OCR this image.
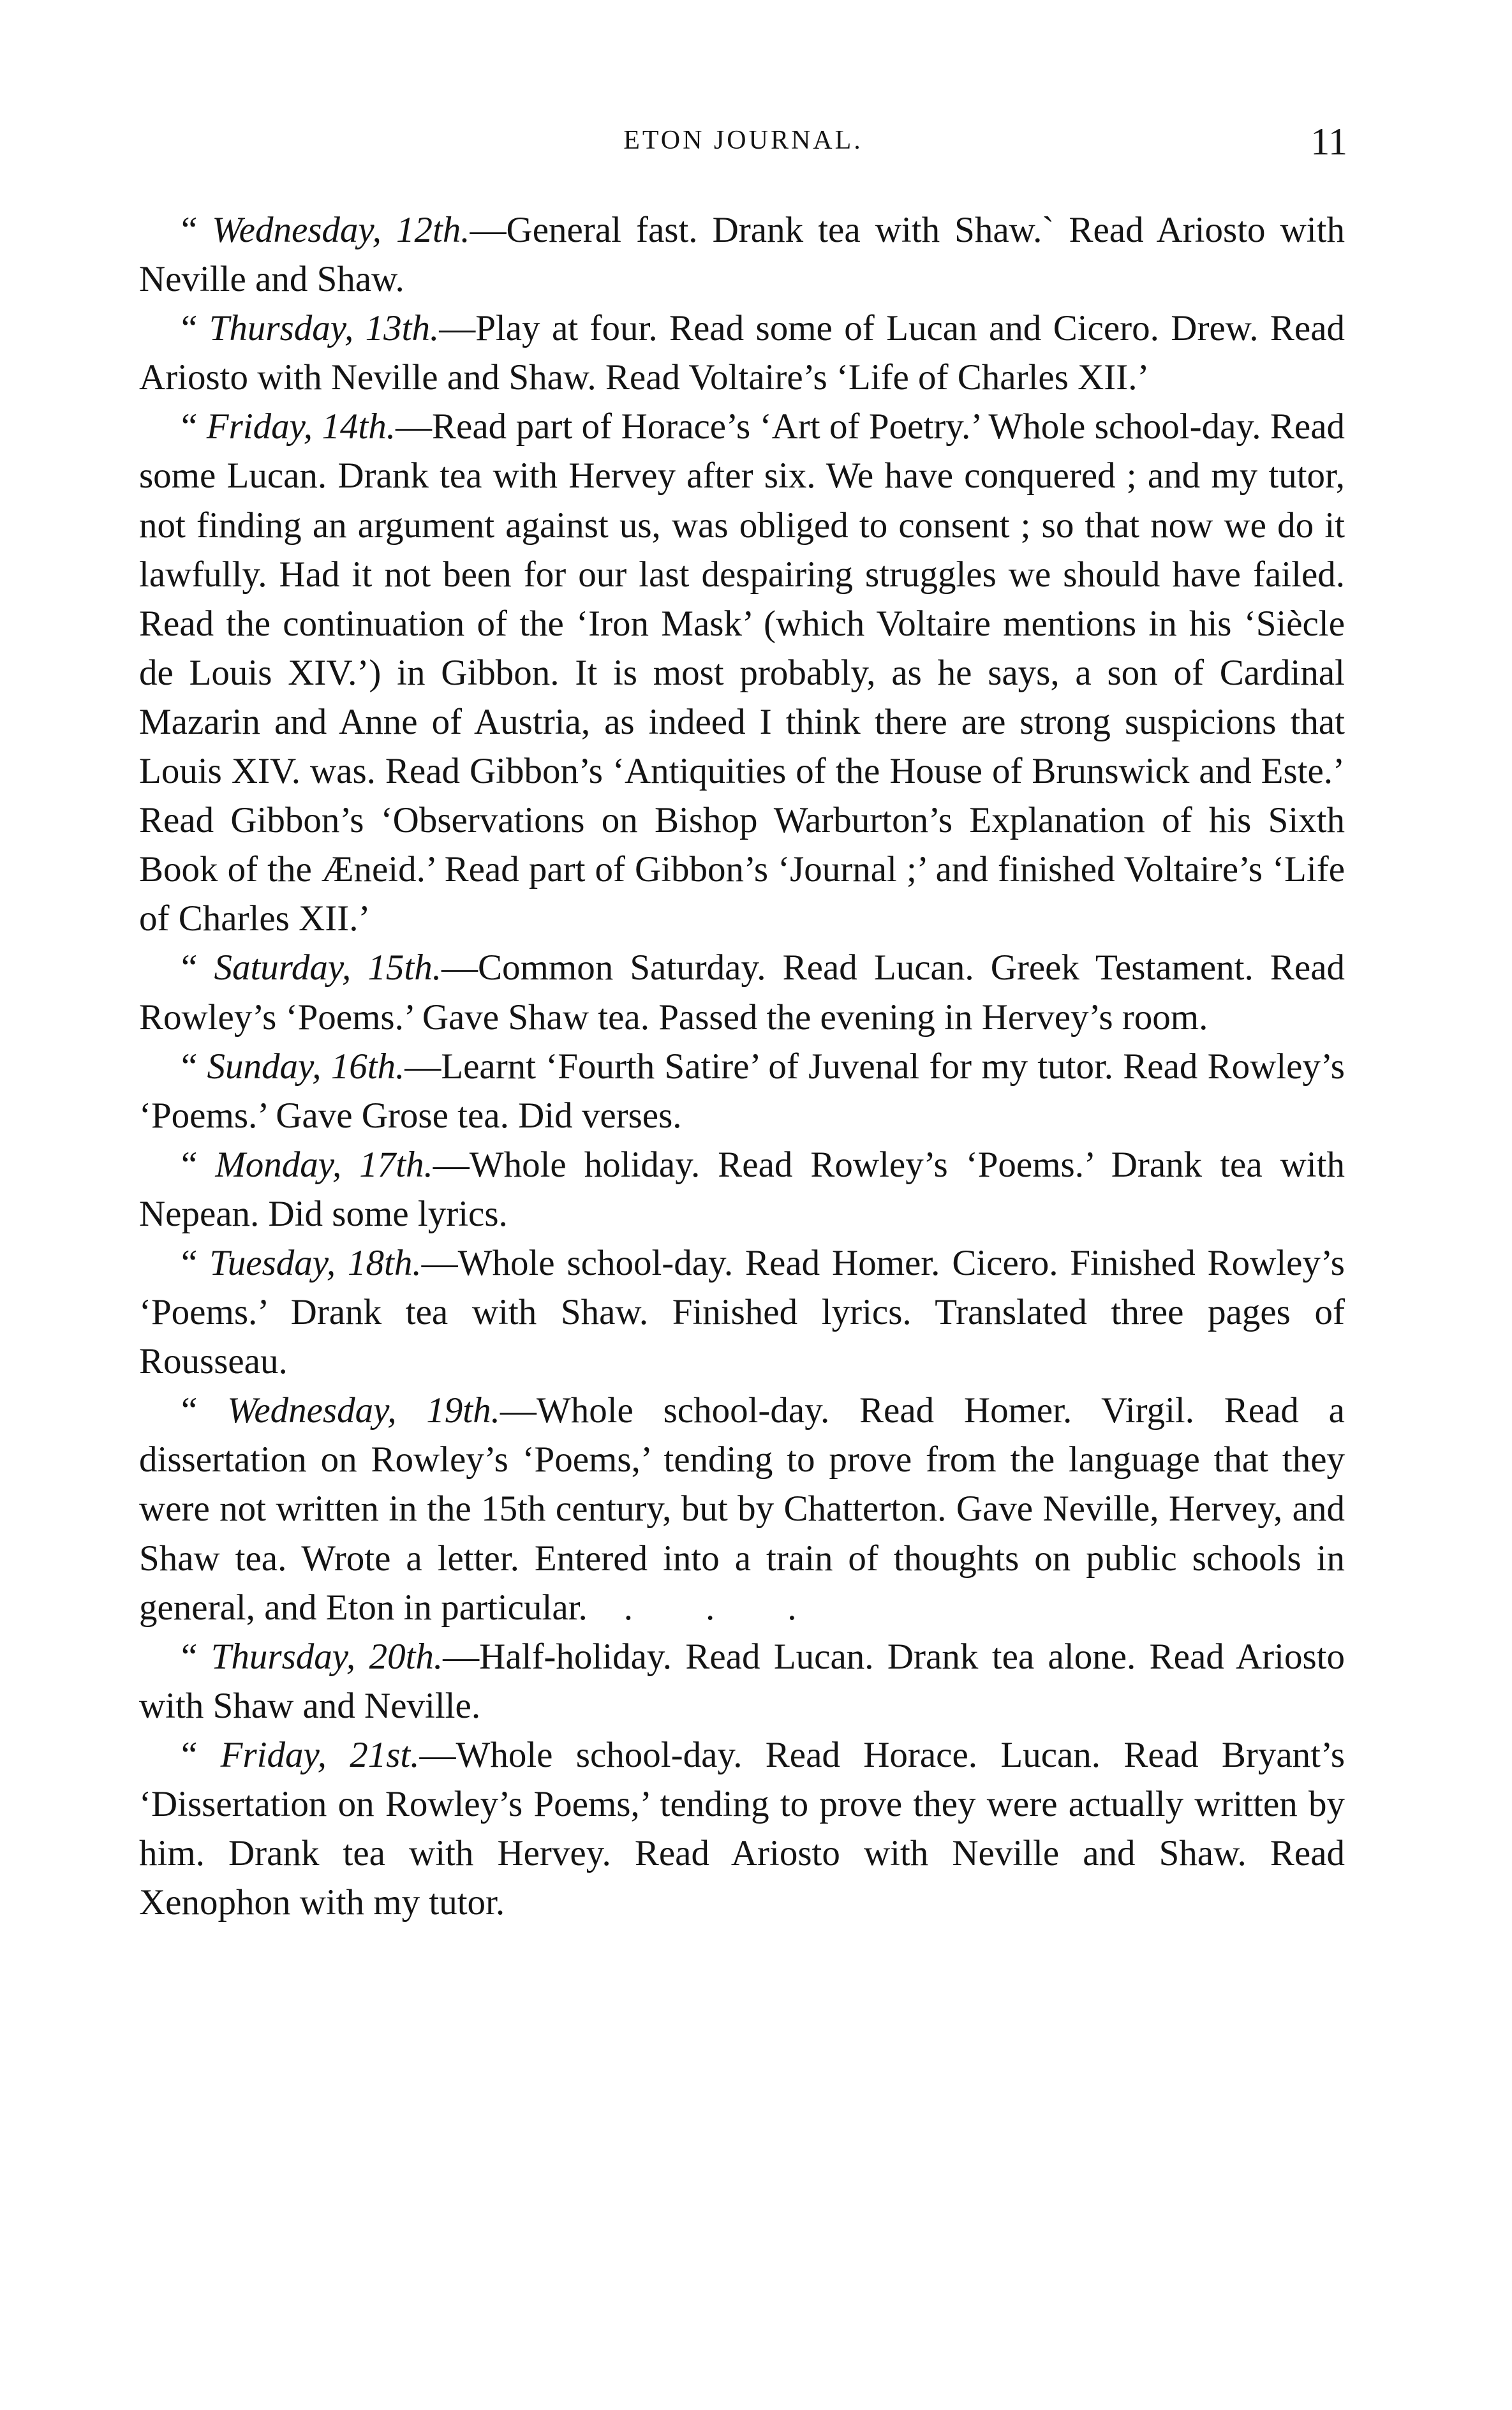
ETON JOURNAL.	11

“ Wednesday, 12th.—General fast. Drank tea with Shaw.` Read Ariosto with Neville and Shaw.

“ Thursday, 13th.—Play at four. Read some of Lucan and Cicero. Drew. Read Ariosto with Neville and Shaw. Read Voltaire’s ‘Life of Charles XII.’

“ Friday, 14th.—Read part of Horace’s ‘Art of Poetry.’ Whole school-day. Read some Lucan. Drank tea with Hervey after six. We have conquered ; and my tutor, not finding an argument against us, was obliged to consent ; so that now we do it lawfully. Had it not been for our last despairing struggles we should have failed. Read the continuation of the ‘Iron Mask’ (which Voltaire mentions in his ‘Siècle de Louis XIV.’) in Gibbon. It is most probably, as he says, a son of Cardinal Mazarin and Anne of Austria, as indeed I think there are strong suspicions that Louis XIV. was. Read Gibbon’s ‘Antiquities of the House of Brunswick and Este.’ Read Gibbon’s ‘Observations on Bishop Warburton’s Explanation of his Sixth Book of the Æneid.’ Read part of Gibbon’s ‘Journal ;’ and finished Voltaire’s ‘Life of Charles XII.’

“ Saturday, 15th.—Common Saturday. Read Lucan. Greek Testament. Read Rowley’s ‘Poems.’ Gave Shaw tea. Passed the evening in Hervey’s room.

“ Sunday, 16th.—Learnt ‘Fourth Satire’ of Juvenal for my tutor. Read Rowley’s ‘Poems.’ Gave Grose tea. Did verses.

“ Monday, 17th.—Whole holiday. Read Rowley’s ‘Poems.’ Drank tea with Nepean. Did some lyrics.

“ Tuesday, 18th.—Whole school-day. Read Homer. Cicero. Finished Rowley’s ‘Poems.’ Drank tea with Shaw. Finished lyrics. Translated three pages of Rousseau.

“ Wednesday, 19th.—Whole school-day. Read Homer. Virgil. Read a dissertation on Rowley’s ‘Poems,’ tending to prove from the language that they were not written in the 15th century, but by Chatterton. Gave Neville, Hervey, and Shaw tea. Wrote a letter. Entered into a train of thoughts on public schools in general, and Eton in particular. .  .  .

“ Thursday, 20th.—Half-holiday. Read Lucan. Drank tea alone. Read Ariosto with Shaw and Neville.

“ Friday, 21st.—Whole school-day. Read Horace. Lucan. Read Bryant’s ‘Dissertation on Rowley’s Poems,’ tending to prove they were actually written by him. Drank tea with Hervey. Read Ariosto with Neville and Shaw. Read Xenophon with my tutor.
